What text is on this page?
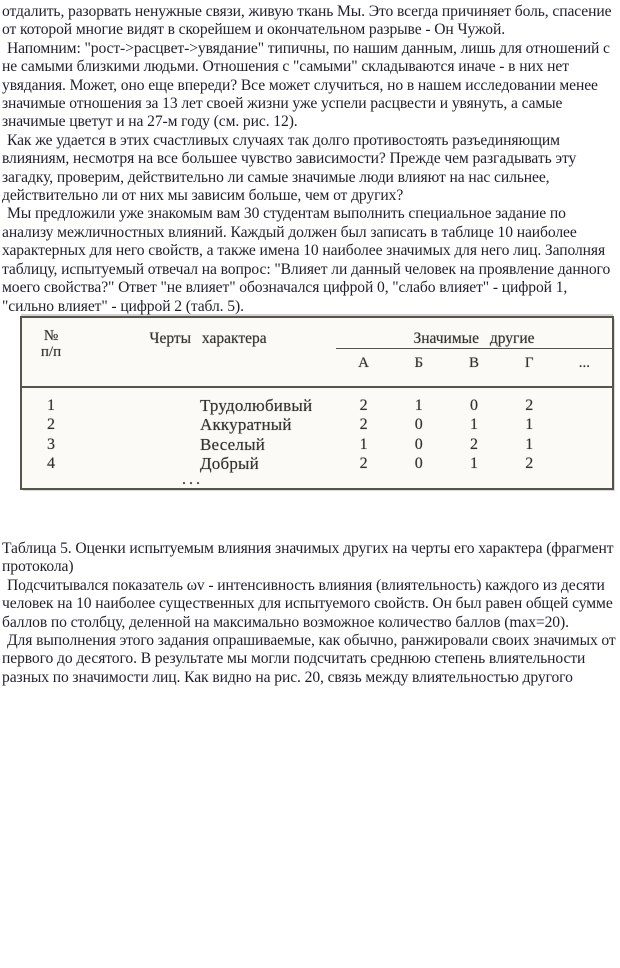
отдалить, разорвать ненужные связи, живую ткань Мы. Это всегда причиняет боль, спасение от которой многие видят в скорейшем и окончательном разрыве - Он Чужой.

Напомним: "рост->расцвет->увядание" типичны, по нашим данным, лишь для отношений с не самыми близкими людьми. Отношения с "самыми" складываются иначе - в них нет увядания. Может, оно еще впереди? Все может случиться, но в нашем исследовании менее значимые отношения за 13 лет своей жизни уже успели расцвести и увянуть, а самые значимые цветут и на 27-м году (см. рис. 12).

Как же удается в этих счастливых случаях так долго противостоять разъединяющим влияниям, несмотря на все большее чувство зависимости? Прежде чем разгадывать эту загадку, проверим, действительно ли самые значимые люди влияют на нас сильнее, действительно ли от них мы зависим больше, чем от других?

Мы предложили уже знакомым вам 30 студентам выполнить специальное задание по анализу межличностных влияний. Каждый должен был записать в таблице 10 наиболее характерных для него свойств, а также имена 10 наиболее значимых для него лиц. Заполняя таблицу, испытуемый отвечал на вопрос: "Влияет ли данный человек на проявление данного моего свойства?" Ответ "не влияет" обозначался цифрой 0, "слабо влияет" - цифрой 1, "сильно влияет" - цифрой 2 (табл. 5).

№
п/п
Черты характера	Значимые другие
А	Б	В	Г	...
1	Трудолюбивый	2	1	0	2
2	Аккуратный	2	0	1	1
3	Веселый	1	0	2	1
4	Добрый	2	0	1	2
...

Таблица 5. Оценки испытуемым влияния значимых других на черты его характера (фрагмент протокола)

Подсчитывался показатель ωv - интенсивность влияния (влиятельность) каждого из десяти человек на 10 наиболее существенных для испытуемого свойств. Он был равен общей сумме баллов по столбцу, деленной на максимально возможное количество баллов (max=20).

Для выполнения этого задания опрашиваемые, как обычно, ранжировали своих значимых от первого до десятого. В результате мы могли подсчитать среднюю степень влиятельности разных по значимости лиц. Как видно на рис. 20, связь между влиятельностью другого
